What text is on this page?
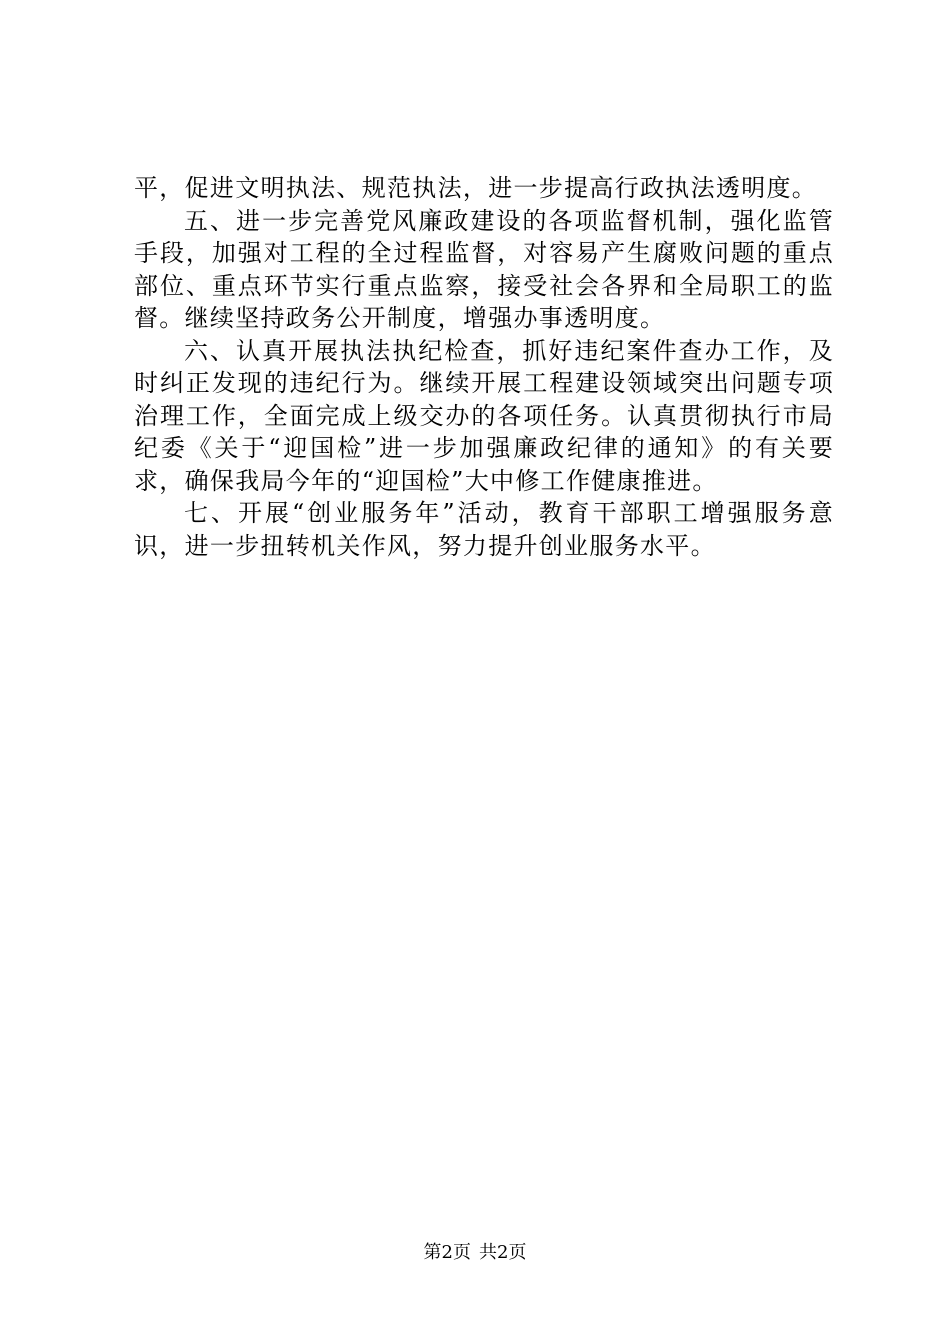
平，促进文明执法、规范执法，进一步提高行政执法透明度。

五、进一步完善党风廉政建设的各项监督机制，强化监管手段，加强对工程的全过程监督，对容易产生腐败问题的重点部位、重点环节实行重点监察，接受社会各界和全局职工的监督。继续坚持政务公开制度，增强办事透明度。

六、认真开展执法执纪检查，抓好违纪案件查办工作，及时纠正发现的违纪行为。继续开展工程建设领域突出问题专项治理工作，全面完成上级交办的各项任务。认真贯彻执行市局纪委《关于“迎国检”进一步加强廉政纪律的通知》的有关要求，确保我局今年的“迎国检”大中修工作健康推进。

七、开展“创业服务年”活动，教育干部职工增强服务意识，进一步扭转机关作风，努力提升创业服务水平。

第2页 共2页
